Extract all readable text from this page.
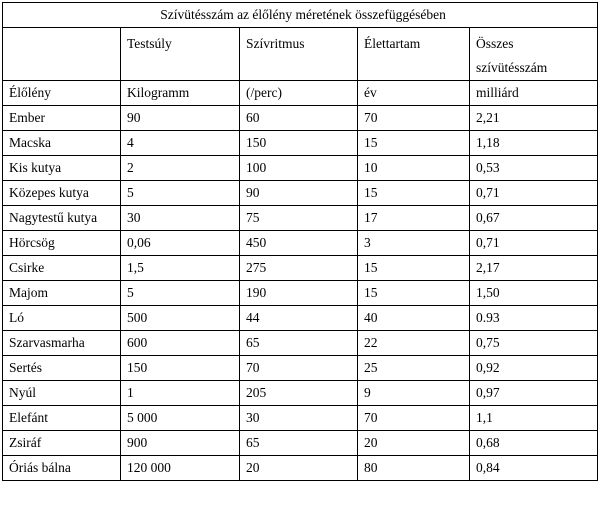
Szívütésszám az élőlény méretének összefüggésében				
	Testsúly	Szívritmus	Élettartam	Összes
szívütésszám

Élőlény	Kilogramm	(/perc)	év	milliárd
Ember	90	60	70	2,21
Macska	4	150	15	1,18
Kis kutya	2	100	10	0,53
Közepes kutya	5	90	15	0,71
Nagytestű kutya	30	75	17	0,67
Hörcsög	0,06	450	3	0,71
Csirke	1,5	275	15	2,17
Majom	5	190	15	1,50
Ló	500	44	40	0.93
Szarvasmarha	600	65	22	0,75
Sertés	150	70	25	0,92
Nyúl	1	205	9	0,97
Elefánt	5 000	30	70	1,1
Zsiráf	900	65	20	0,68
Óriás bálna	120 000	20	80	0,84
